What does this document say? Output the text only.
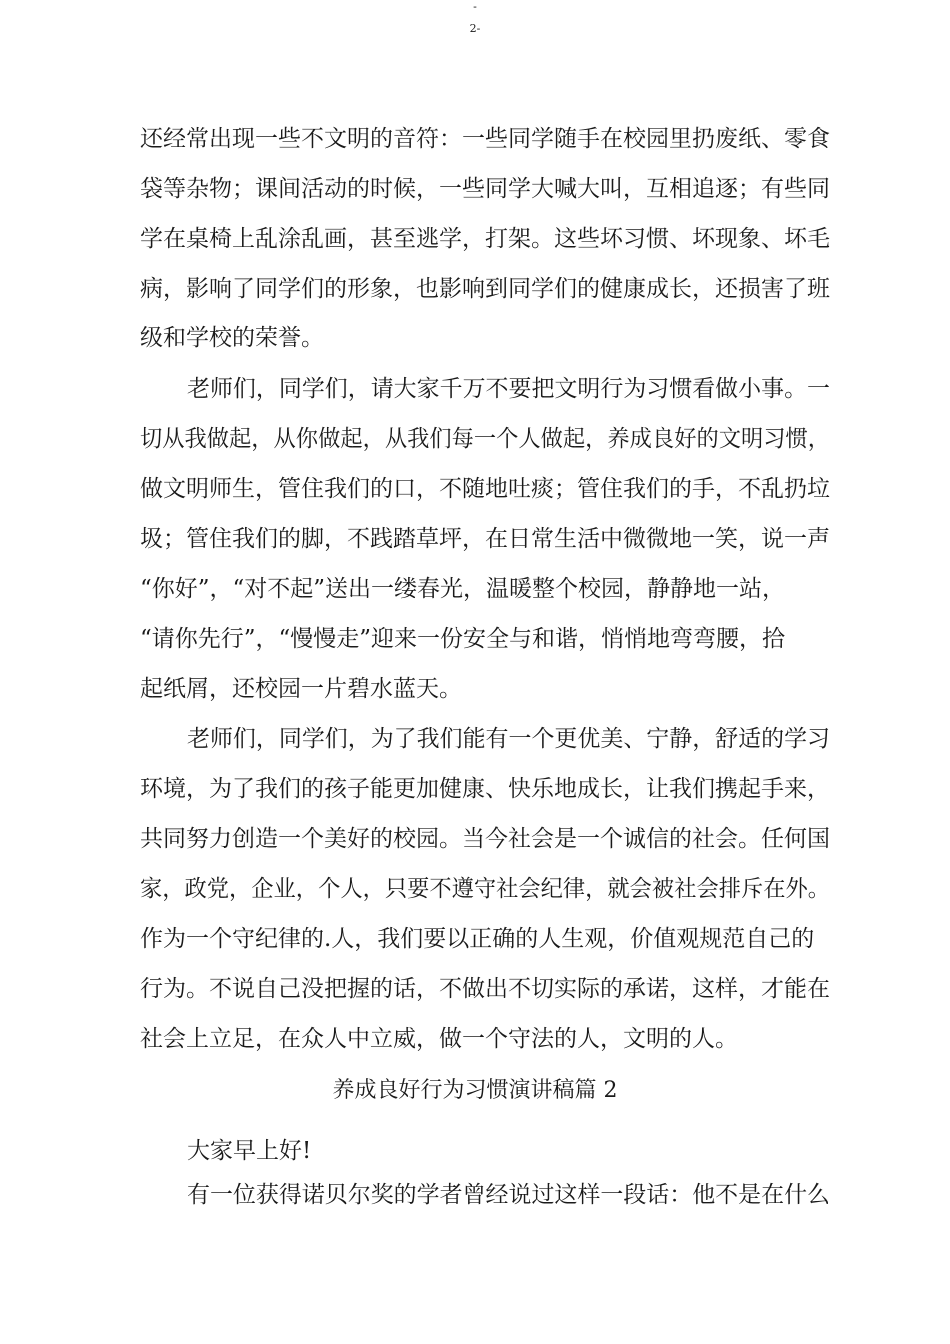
-
2-
还经常出现一些不文明的音符：一些同学随手在校园里扔废纸、零食
袋等杂物；课间活动的时候，一些同学大喊大叫，互相追逐；有些同
学在桌椅上乱涂乱画，甚至逃学，打架。这些坏习惯、坏现象、坏毛
病，影响了同学们的形象，也影响到同学们的健康成长，还损害了班
级和学校的荣誉。
老师们，同学们，请大家千万不要把文明行为习惯看做小事。一
切从我做起，从你做起，从我们每一个人做起，养成良好的文明习惯，
做文明师生，管住我们的口，不随地吐痰；管住我们的手，不乱扔垃
圾；管住我们的脚，不践踏草坪，在日常生活中微微地一笑，说一声
“你好”，“对不起”送出一缕春光，温暖整个校园，静静地一站，
“请你先行”，“慢慢走”迎来一份安全与和谐，悄悄地弯弯腰，拾
起纸屑，还校园一片碧水蓝天。
老师们，同学们，为了我们能有一个更优美、宁静，舒适的学习
环境，为了我们的孩子能更加健康、快乐地成长，让我们携起手来，
共同努力创造一个美好的校园。当今社会是一个诚信的社会。任何国
家，政党，企业，个人，只要不遵守社会纪律，就会被社会排斥在外。
作为一个守纪律的.人，我们要以正确的人生观，价值观规范自己的
行为。不说自己没把握的话，不做出不切实际的承诺，这样，才能在
社会上立足，在众人中立威，做一个守法的人，文明的人。
养成良好行为习惯演讲稿篇 2
大家早上好!
有一位获得诺贝尔奖的学者曾经说过这样一段话：他不是在什么
